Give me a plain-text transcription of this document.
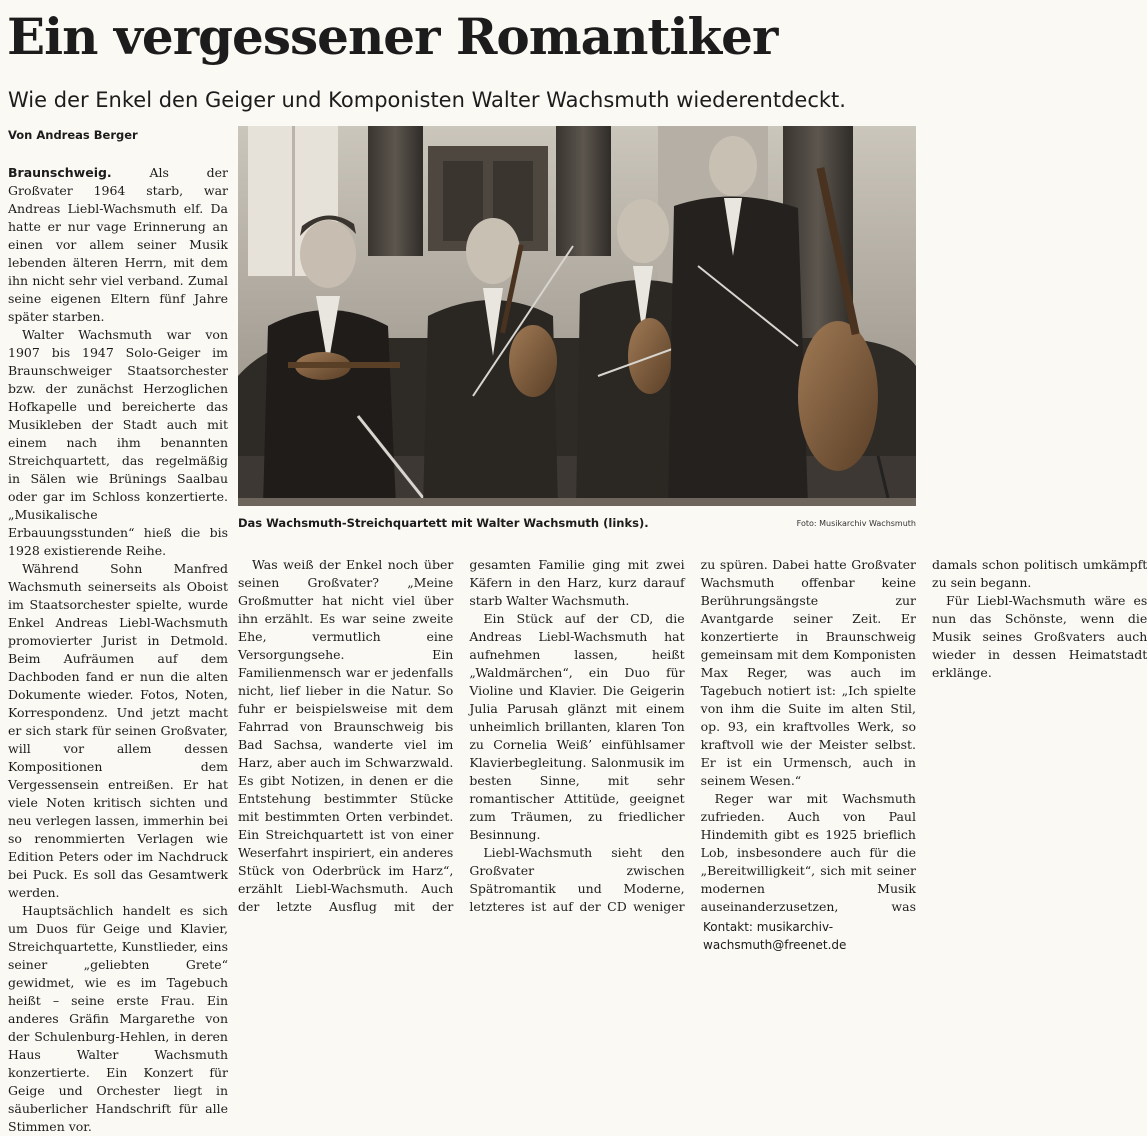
Ein vergessener Romantiker
Wie der Enkel den Geiger und Komponisten Walter Wachsmuth wiederentdeckt.
Von Andreas Berger
Das Wachsmuth-Streichquartett mit Walter Wachsmuth (links).	Foto: Musikarchiv Wachsmuth

Braunschweig.	Als der Großvater 1964 starb, war Andreas Liebl-Wachsmuth elf. Da hatte er nur vage Erinnerung an einen vor allem seiner Musik lebenden älteren Herrn, mit dem ihn nicht sehr viel verband. Zumal seine eigenen Eltern fünf Jahre später starben.

Walter Wachsmuth war von 1907 bis 1947 Solo-Geiger im Braunschweiger Staatsorchester bzw. der zunächst Herzoglichen Hofkapelle und bereicherte das Musikleben der Stadt auch mit einem nach ihm benannten Streichquartett, das regelmäßig in Sälen wie Brünings Saalbau oder gar im Schloss konzertierte. „Musikalische Erbauungsstunden“ hieß die bis 1928 existierende Reihe.

Während Sohn Manfred Wachsmuth seinerseits als Oboist im Staatsorchester spielte, wurde Enkel Andreas Liebl-Wachsmuth promovierter Jurist in Detmold. Beim Aufräumen auf dem Dachboden fand er nun die alten Dokumente wieder. Fotos, Noten, Korrespondenz. Und jetzt macht er sich stark für seinen Großvater, will vor allem dessen Kompositionen dem Vergessensein entreißen. Er hat viele Noten kritisch sichten und neu verlegen lassen, immerhin bei so renommierten Verlagen wie Edition Peters oder im Nachdruck bei Puck. Es soll das Gesamtwerk werden.

Hauptsächlich handelt es sich um Duos für Geige und Klavier, Streichquartette, Kunstlieder, eins seiner „geliebten Grete“ gewidmet, wie es im Tagebuch heißt – seine erste Frau. Ein anderes Gräfin Margarethe von der Schulenburg-Hehlen, in deren Haus Walter Wachsmuth konzertierte. Ein Konzert für Geige und Orchester liegt in säuberlicher Handschrift für alle Stimmen vor.

Was weiß der Enkel noch über seinen Großvater? „Meine Großmutter hat nicht viel über ihn erzählt. Es war seine zweite Ehe, vermutlich eine Versorgungsehe. Ein Familienmensch war er jedenfalls nicht, lief lieber in die Natur. So fuhr er beispielsweise mit dem Fahrrad von Braunschweig bis Bad Sachsa, wanderte viel im Harz, aber auch im Schwarzwald. Es gibt Notizen, in denen er die Entstehung bestimmter Stücke mit bestimmten Orten verbindet. Ein Streichquartett ist von einer Weserfahrt inspiriert, ein anderes Stück von Oderbrück im Harz“, erzählt Liebl-Wachsmuth. Auch der letzte Ausflug mit der gesamten Familie ging mit zwei Käfern in den Harz, kurz darauf starb Walter Wachsmuth.

Ein Stück auf der CD, die Andreas Liebl-Wachsmuth hat aufnehmen lassen, heißt „Waldmärchen“, ein Duo für Violine und Klavier. Die Geigerin Julia Parusah glänzt mit einem unheimlich brillanten, klaren Ton zu Cornelia Weiß’ einfühlsamer Klavierbegleitung. Salonmusik im besten Sinne, mit sehr romantischer Attitüde, geeignet zum Träumen, zu friedlicher Besinnung.

Liebl-Wachsmuth sieht den Großvater zwischen Spätromantik und Moderne, letzteres ist auf der CD weniger zu spüren. Dabei hatte Großvater Wachsmuth offenbar keine Berührungsängste zur Avantgarde seiner Zeit. Er konzertierte in Braunschweig gemeinsam mit dem Komponisten Max Reger, was auch im Tagebuch notiert ist: „Ich spielte von ihm die Suite im alten Stil, op. 93, ein kraftvolles Werk, so kraftvoll wie der Meister selbst. Er ist ein Urmensch, auch in seinem Wesen.“

Reger war mit Wachsmuth zufrieden. Auch von Paul Hindemith gibt es 1925 brieflich Lob, insbesondere auch für die „Bereitwilligkeit“, sich mit seiner modernen Musik auseinanderzusetzen, was damals schon politisch umkämpft zu sein begann.

Für Liebl-Wachsmuth wäre es nun das Schönste, wenn die Musik seines Großvaters auch wieder in dessen Heimatstadt erklänge.

Kontakt: musikarchiv-wachsmuth@freenet.de
